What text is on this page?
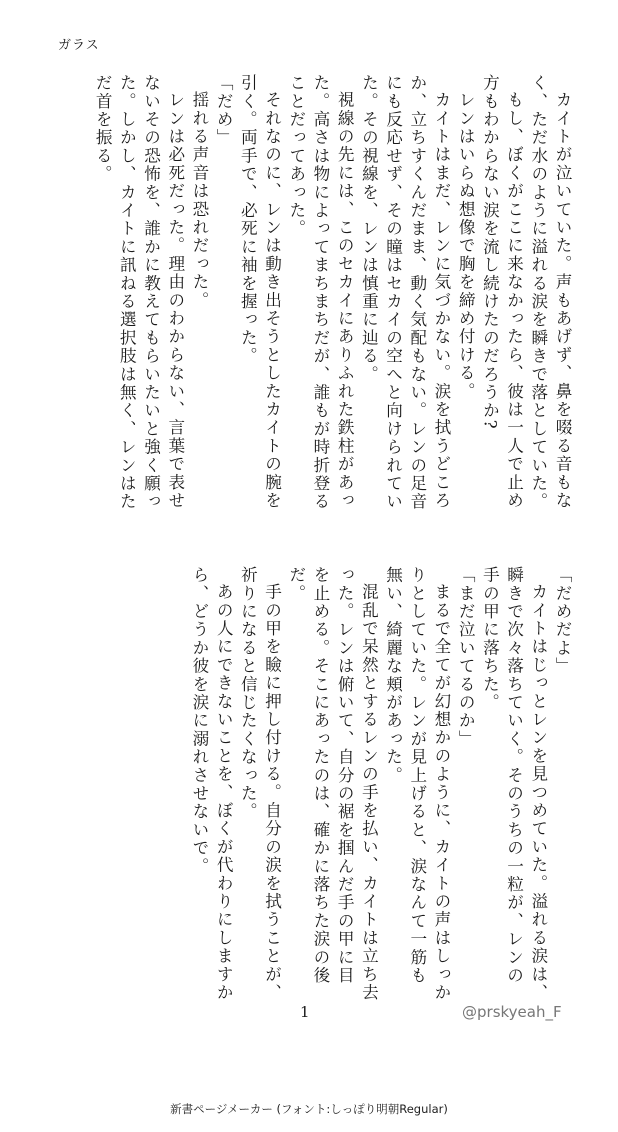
ガラス

カイトが泣いていた。声もあげず、鼻を啜る音もなく、ただ水のように溢れる涙を瞬きで落としていた。

もし、ぼくがここに来なかったら、彼は一人で止め方もわからない涙を流し続けたのだろうか?

レンはいらぬ想像で胸を締め付ける。

カイトはまだ、レンに気づかない。涙を拭うどころか、立ちすくんだまま、動く気配もない。レンの足音にも反応せず、その瞳はセカイの空へと向けられていた。その視線を、レンは慎重に辿る。

視線の先には、このセカイにありふれた鉄柱があった。高さは物によってまちまちだが、誰もが時折登ることだってあった。

それなのに、レンは動き出そうとしたカイトの腕を引く。両手で、必死に袖を握った。

「だめ」

揺れる声音は恐れだった。

レンは必死だった。理由のわからない、言葉で表せないその恐怖を、誰かに教えてもらいたいと強く願った。しかし、カイトに訊ねる選択肢は無く、レンはただ首を振る。

「だめだよ」

カイトはじっとレンを見つめていた。溢れる涙は、瞬きで次々落ちていく。そのうちの一粒が、レンの手の甲に落ちた。

「まだ泣いてるのか」

まるで全てが幻想かのように、カイトの声はしっかりとしていた。レンが見上げると、涙なんて一筋も無い、綺麗な頬があった。

混乱で呆然とするレンの手を払い、カイトは立ち去った。レンは俯いて、自分の裾を掴んだ手の甲に目を止める。そこにあったのは、確かに落ちた涙の後だ。

手の甲を瞼に押し付ける。自分の涙を拭うことが、祈りになると信じたくなった。

あの人にできないことを、ぼくが代わりにしますから、どうか彼を涙に溺れさせないで。

1	@prskyeah_F
新書ページメーカー (フォント:しっぽり明朝Regular)
